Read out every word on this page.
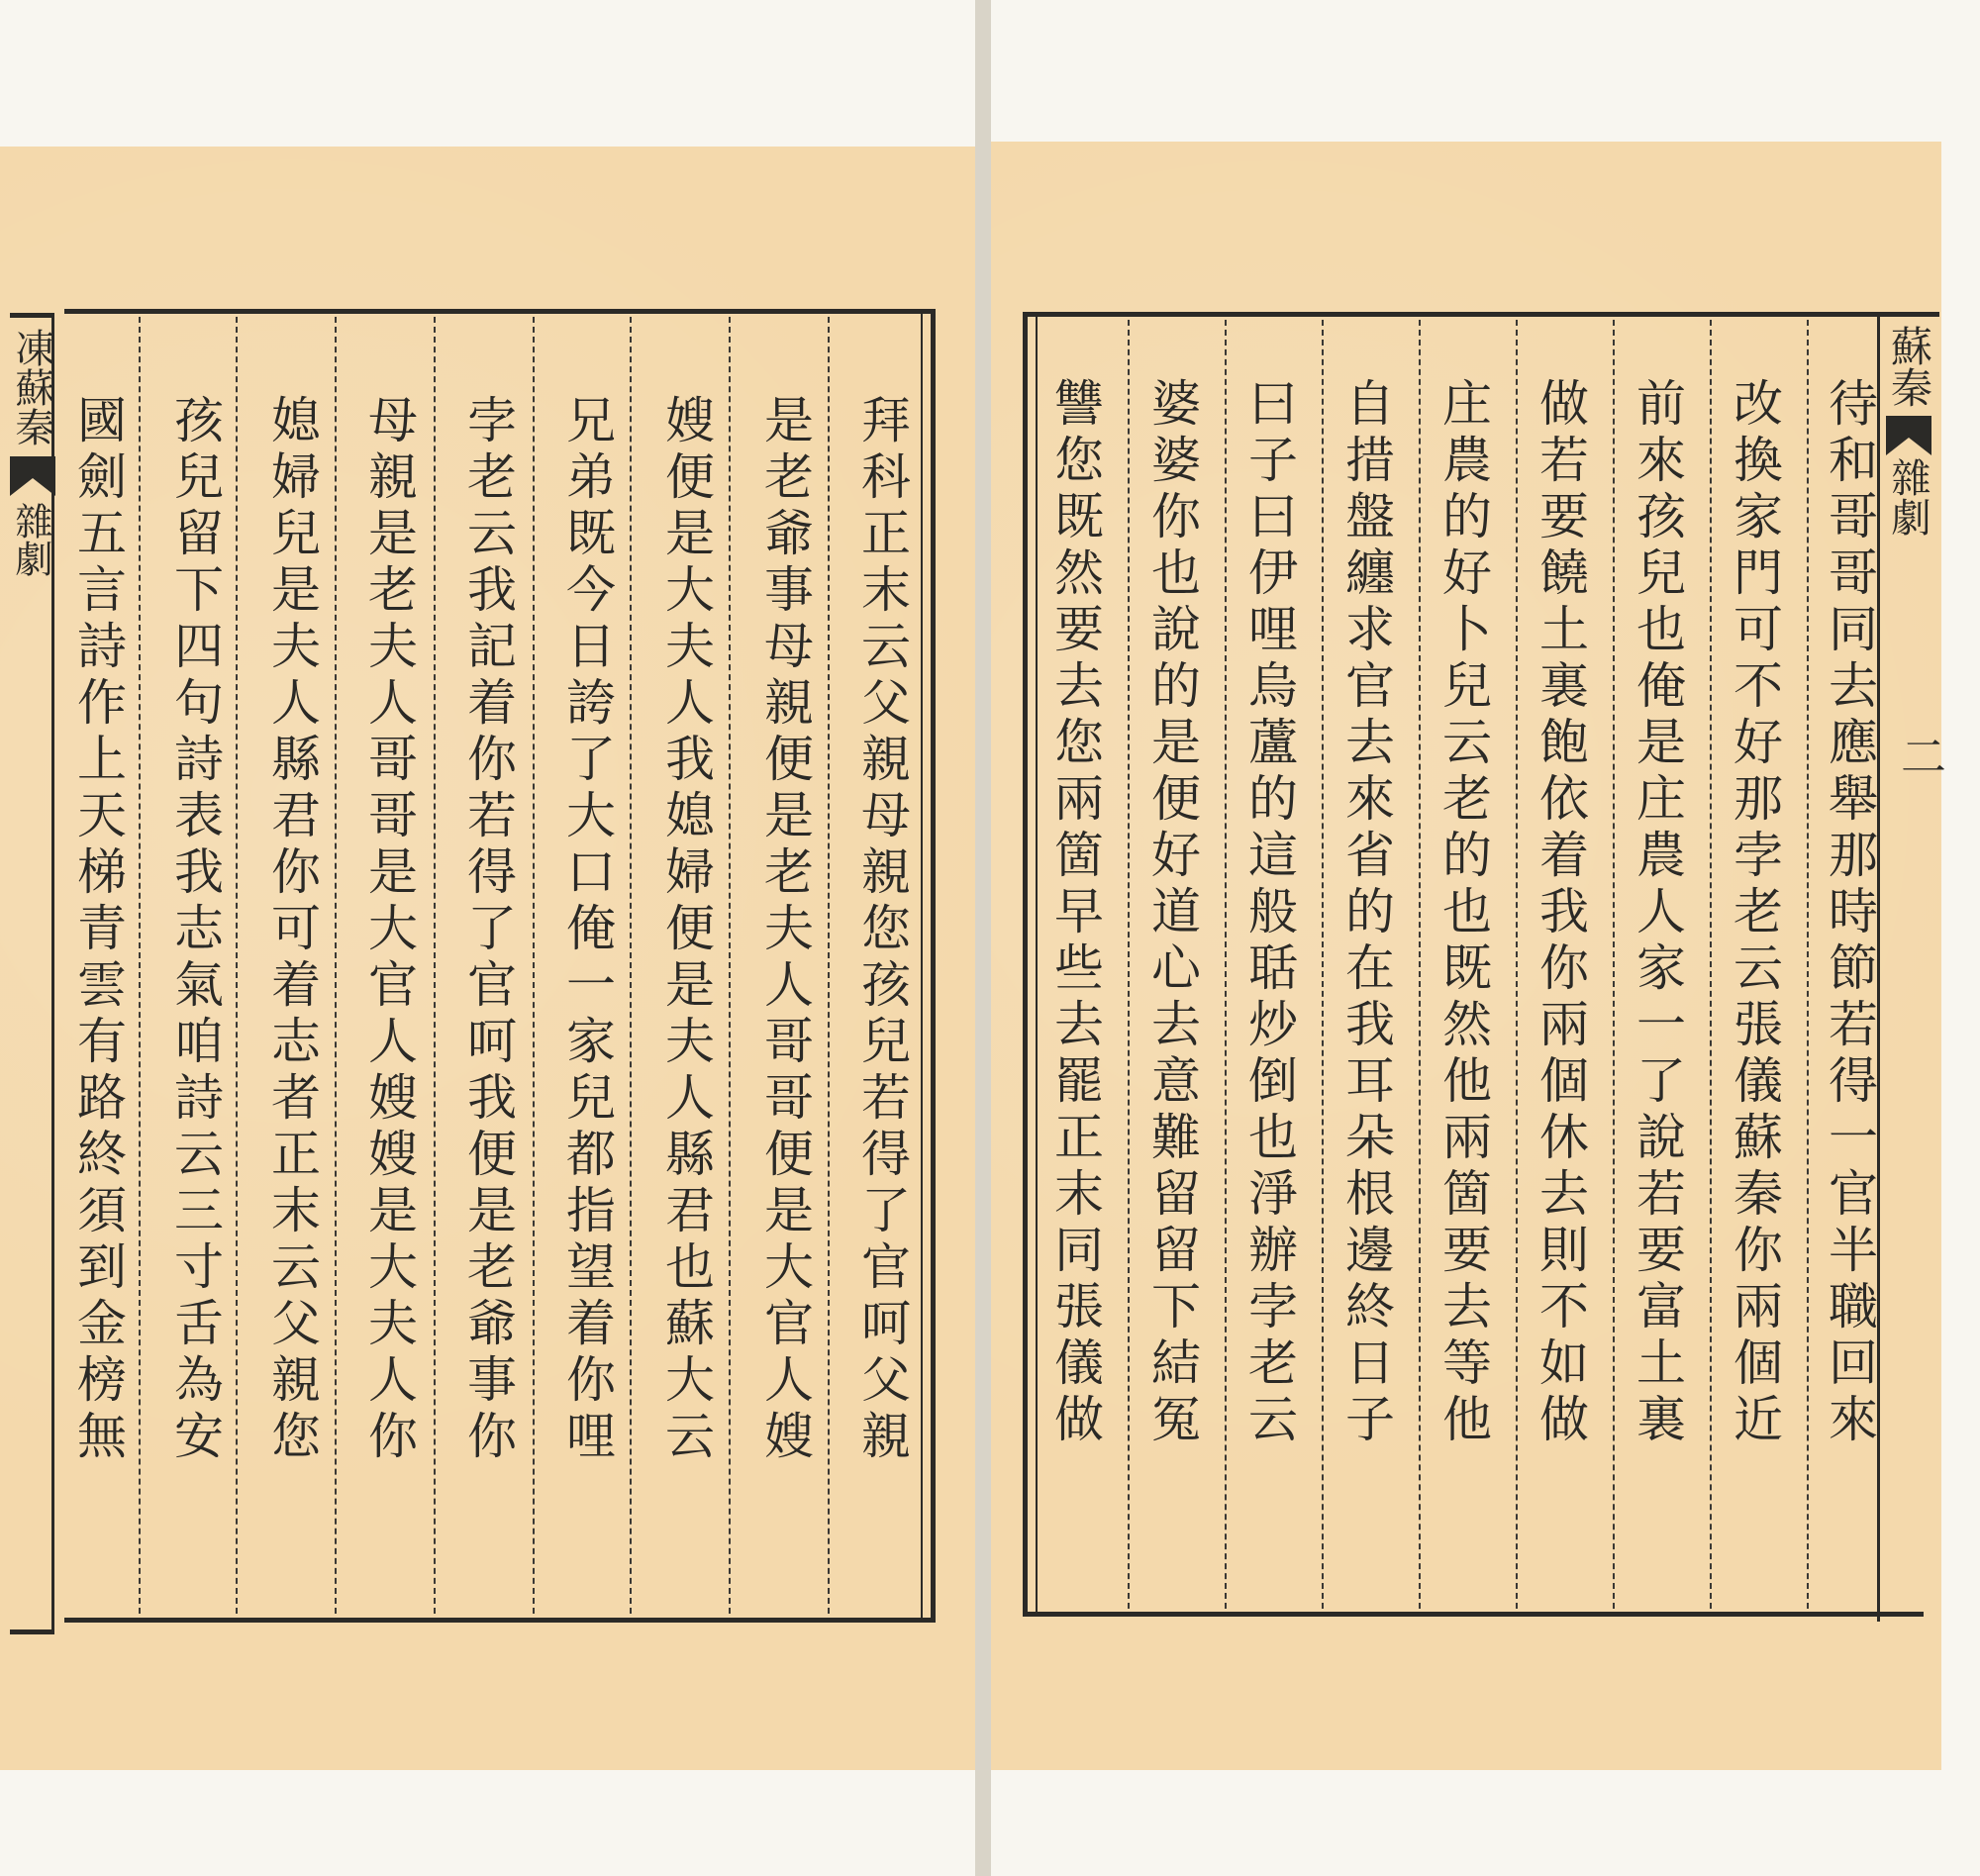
凍蘇秦
雜劇	拜科正末云父親母親您孩兒若得了官呵父親
是老爺事母親便是老夫人哥哥便是大官人嫂
嫂便是大夫人我媳婦便是夫人縣君也蘇大云
兄弟既今日誇了大口俺一家兒都指望着你哩
孛老云我記着你若得了官呵我便是老爺事你
母親是老夫人哥哥是大官人嫂嫂是大夫人你
媳婦兒是夫人縣君你可着志者正末云父親您
孩兒留下四句詩表我志氣咱詩云三寸舌為安
國劍五言詩作上天梯青雲有路終須到金榜無
蘇秦
雜劇
二
待和哥哥同去應舉那時節若得一官半職回來
改換家門可不好那孛老云張儀蘇秦你兩個近
前來孩兒也俺是庄農人家一了說若要富土裏
做若要饒土裏飽依着我你兩個休去則不如做
庄農的好卜兒云老的也既然他兩箇要去等他
自措盤纏求官去來省的在我耳朵根邊終日子
曰子曰伊哩烏蘆的這般聒炒倒也淨辦孛老云
婆婆你也說的是便好道心去意難留留下結冤
讐您既然要去您兩箇早些去罷正末同張儀做
